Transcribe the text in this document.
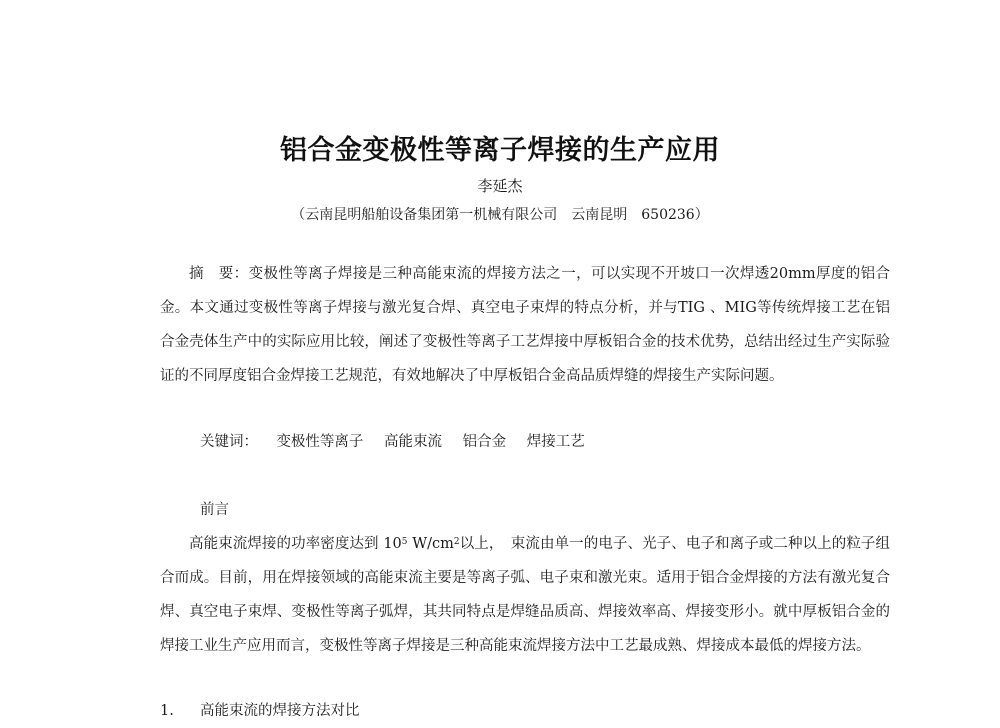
铝合金变极性等离子焊接的生产应用
李延杰
（云南昆明船舶设备集团第一机械有限公司　云南昆明　650236）

摘　要：变极性等离子焊接是三种高能束流的焊接方法之一，可以实现不开坡口一次焊透20mm厚度的铝合金。本文通过变极性等离子焊接与激光复合焊、真空电子束焊的特点分析，并与TIG 、MIG等传统焊接工艺在铝合金壳体生产中的实际应用比较，阐述了变极性等离子工艺焊接中厚板铝合金的技术优势，总结出经过生产实际验证的不同厚度铝合金焊接工艺规范，有效地解决了中厚板铝合金高品质焊缝的焊接生产实际问题。

关键词： 变极性等离子 高能束流 铝合金 焊接工艺
前言

高能束流焊接的功率密度达到 $10^5$ $W/cm^2$以上，　束流由单一的电子、光子、电子和离子或二种以上的粒子组合而成。目前，用在焊接领域的高能束流主要是等离子弧、电子束和激光束。适用于铝合金焊接的方法有激光复合焊、真空电子束焊、变极性等离子弧焊，其共同特点是焊缝品质高、焊接效率高、焊接变形小。就中厚板铝合金的焊接工业生产应用而言，变极性等离子焊接是三种高能束流焊接方法中工艺最成熟、焊接成本最低的焊接方法。

1. 高能束流的焊接方法对比
